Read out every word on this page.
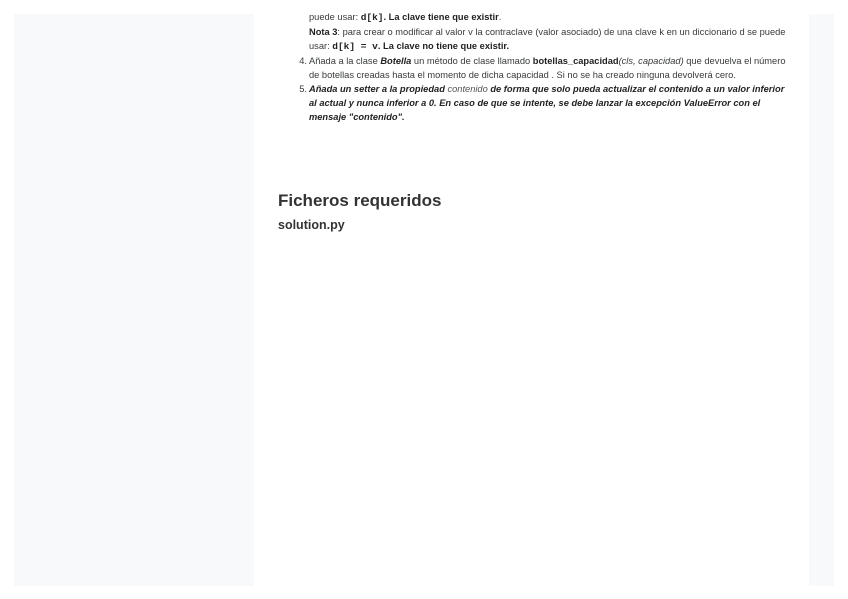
puede usar: d[k]. La clave tiene que existir.
Nota 3: para crear o modificar al valor v la contraclave (valor asociado) de una clave k en un diccionario d se puede usar: d[k] = v. La clave no tiene que existir.
4. Añada a la clase Botella un método de clase llamado botellas_capacidad(cls, capacidad) que devuelva el número de botellas creadas hasta el momento de dicha capacidad . Si no se ha creado ninguna devolverá cero.
5. Añada un setter a la propiedad contenido de forma que solo pueda actualizar el contenido a un valor inferior al actual y nunca inferior a 0. En caso de que se intente, se debe lanzar la excepción ValueError con el mensaje "contenido".
Ficheros requeridos
solution.py
